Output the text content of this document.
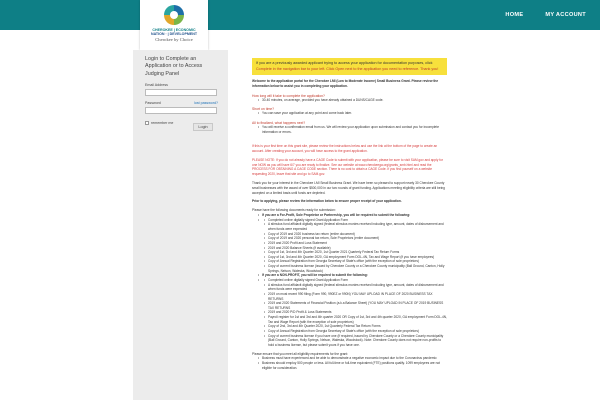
HOME	MY ACCOUNT
CHEROKEE | ECONOMIC
NATION · | DEVELOPMENT
Cherokee by Choice
Login to Complete an Application or to Access Judging Panel
Email Address
Password	lost password?
remember me
Login
If you are a previously awarded applicant trying to access your application for documentation purposes, click Complete in the navigation bar to your left. Click Open next to the application you need to reference. Thank you!
Welcome to the application portal for the Cherokee LMI (Low to Moderate Income) Small Business Grant. Please review the information below to assist you in completing your application.
How long will it take to complete the application?
• 30-40 minutes, on average, provided you have already obtained a DUNS/CAGE code.
Short on time?
• You can save your application at any point and come back later.
All to finalized, what happens next?
• You will receive a confirmation email from us. We will review your application upon submission and contact you for incomplete information or errors.
If this is your first time on this grant site, please review the instructions below and use the link at the bottom of the page to create an account. After creating your account, you will have access to the grant application.
PLEASE NOTE: If you do not already have a CAGE Code to submit with your application, please be sure to visit SAM.gov and apply for one NOW as you will have 6/7 you are ready to finalize. See our website at www.cherokeega.org/grants_smb.html and read the PROCESS FOR OBTAINING A CAGE CODE section. There is no cost to obtain a CAGE Code. If you find yourself on a website requesting 2020, leave that site and go to SAM.gov.
Thank you for your interest in the Cherokee LMI Small Business Grant. We have been so pleased to support nearly 30 Cherokee County small businesses with the award of over $500,000 in our two rounds of grant funding. Applications meeting eligibility criteria are still being accepted on a limited basis until funds are depleted.
Prior to applying, please review the information below to ensure proper receipt of your application.
Please have the following documents ready for submission:
• If you are a For-Profit, Sole Proprietor or Partnership, you will be required to submit the following:
• • Completed online digitally signed Grant Application Form
• A stimulus fund affidavit digitally signed (federal stimulus monies received including type, amount, dates of disbursement and when funds were expended
• Copy of 2019 and 2020 business tax return (entire document)
• Copy of 2019 and 2020 personal tax return, Sole Proprietors (entire document)
• 2019 and 2020 Profit and Loss Statement
• 2019 and 2020 Balance Sheets (if available)
• Copy of 1st, 3rd and 4th Quarter 2020, 1st Quarter 2021 Quarterly Federal Tax Return Forms
• Copy of 1st, 3rd and 4th Quarter 2020, GA employment Form DOL-4N, Tax and Wage Report (if you have employees)
• Copy of Annual Registration from Georgia Secretary of State's office (with the exception of sole proprietors)
• Copy of current business license (issued by Cherokee County or a Cherokee County municipality (Ball Ground, Canton, Holly Springs, Nelson, Waleska, Woodstock)
• If you are a NON-PROFIT, you will be required to submit the following:
• • Completed online digitally signed Grant Application Form
• A stimulus fund affidavit digitally signed (federal stimulus monies received including type, amount, dates of disbursement and when funds were expended
• 2019 on most recent 990 filing (Form 990, 990EZ or 990N) YOU MAY UPLOAD IN PLACE OF 2020 BUSINESS TAX RETURNS
• 2019 and 2020 Statements of Financial Position (a.k.a Balance Sheet) (YOU MAY UPLOAD IN PLACE OF 2019 BUSINESS TAX RETURNS
• 2019 and 2020 P/D Profit & Loss Statements
• Payroll register for 1st and 3rd and 4th quarter 2020 OR Copy of 1st, 3rd and 4th quarter 2020, GA employment Form DOL-4N, Tax and Wage Report (with the exception of sole proprietors)
• Copy of 2nd, 3rd and 4th Quarter 2020, 1st Quarterly Federal Tax Return Forms
• Copy of Annual Registration from Georgia Secretary of State's office (with the exception of sole proprietors)
• Copy of current business license if you have one (if required, issued by Cherokee County or a Cherokee County municipality (Ball Ground, Canton, Holly Springs, Nelson, Waleska, Woodstock). Note: Cherokee County does not require non-profits to hold a business license, but please submit yours if you have one.
Please ensure that you meet all eligibility requirements for the grant:
• Business must have experienced and be able to demonstrate a negative economic impact due to the Coronavirus pandemic
• Business should employ 500 people or less. All full-time or full-time equivalent (FTE) positions qualify. 1099 employees are not eligible for consideration.
